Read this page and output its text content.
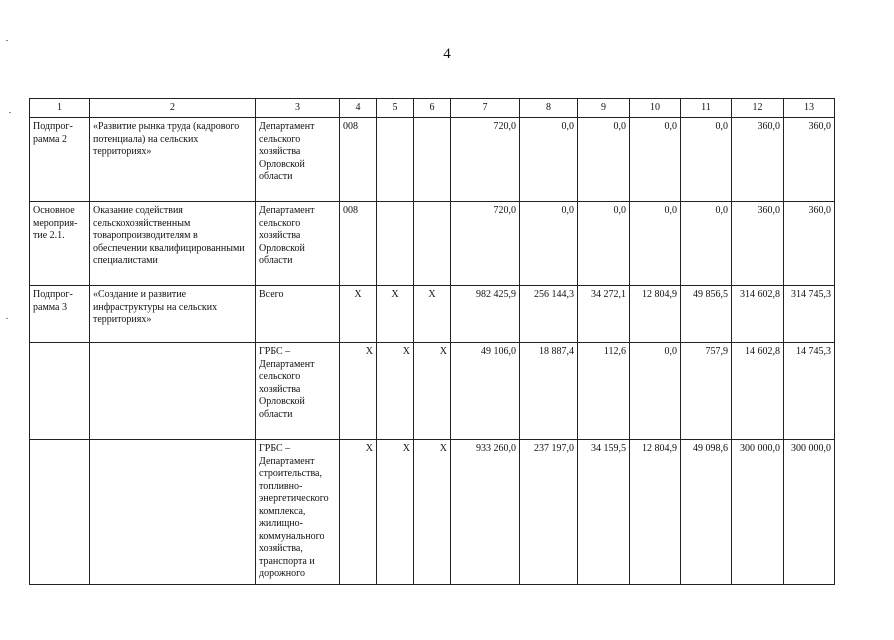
4
1	2	3	4	5	6	7	8	9	10	11	12	13
Подпрог-
рамма 2	«Развитие рынка труда (кадрового потенциала) на сельских территориях»	Департамент сельского хозяйства Орловской области	008			720,0	0,0	0,0	0,0	0,0	360,0	360,0
Основное мероприя-
тие 2.1.	Оказание содействия сельскохозяйственным товаропроизводителям в обеспечении квалифицированными специалистами	Департамент сельского хозяйства Орловской области	008			720,0	0,0	0,0	0,0	0,0	360,0	360,0
Подпрог-
рамма 3	«Создание и развитие инфраструктуры на сельских территориях»	Всего	Х	Х	Х	982 425,9	256 144,3	34 272,1	12 804,9	49 856,5	314 602,8	314 745,3
		ГРБС – Департамент сельского хозяйства Орловской области	Х	Х	Х	49 106,0	18 887,4	112,6	0,0	757,9	14 602,8	14 745,3
		ГРБС – Департамент строительства, топливно-энергетического комплекса, жилищно-коммунального хозяйства, транспорта и дорожного	Х	Х	Х	933 260,0	237 197,0	34 159,5	12 804,9	49 098,6	300 000,0	300 000,0
